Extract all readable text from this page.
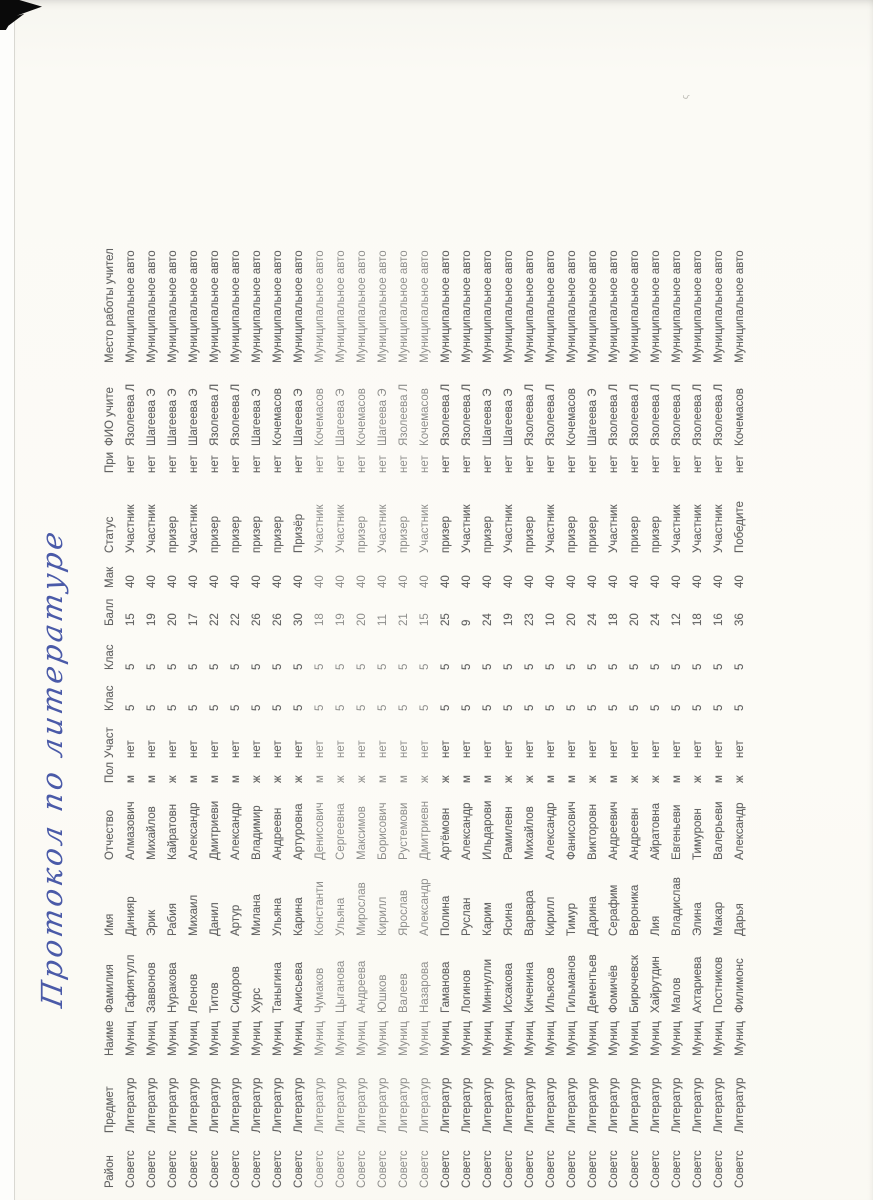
ς
Протокол по литературе
Район	Предмет	Наиме	Фамилия	Имя	Отчество	Пол	Участ	Клас	Клас	Балл	Мак	Статус	При	ФИО учите	Место работы учител
Советс	Литератур	Муниц	Гафиятулл	Динияр	Алмазович	м	нет	5	5	15	40	Участник	нет	Язолеева Л	Муниципальное авто
Советс	Литератур	Муниц	Заввонов	Эрик	Михайлов	м	нет	5	5	19	40	Участник	нет	Шагеева Э	Муниципальное авто
Советс	Литератур	Муниц	Нуракова	Рабия	Кайратовн	ж	нет	5	5	20	40	призер	нет	Шагеева Э	Муниципальное авто
Советс	Литератур	Муниц	Леонов	Михаил	Александр	м	нет	5	5	17	40	Участник	нет	Шагеева Э	Муниципальное авто
Советс	Литератур	Муниц	Титов	Данил	Дмитриеви	м	нет	5	5	22	40	призер	нет	Язолеева Л	Муниципальное авто
Советс	Литератур	Муниц	Сидоров	Артур	Александр	м	нет	5	5	22	40	призер	нет	Язолеева Л	Муниципальное авто
Советс	Литератур	Муниц	Хурс	Милана	Владимир	ж	нет	5	5	26	40	призер	нет	Шагеева Э	Муниципальное авто
Советс	Литератур	Муниц	Таныгина	Ульяна	Андреевн	ж	нет	5	5	26	40	призер	нет	Кочемасов	Муниципальное авто
Советс	Литератур	Муниц	Анисьева	Карина	Артуровна	ж	нет	5	5	30	40	Призёр	нет	Шагеева Э	Муниципальное авто
Советс	Литератур	Муниц	Чумаков	Константи	Денисович	м	нет	5	5	18	40	Участник	нет	Кочемасов	Муниципальное авто
Советс	Литератур	Муниц	Цыганова	Ульяна	Сергеевна	ж	нет	5	5	19	40	Участник	нет	Шагеева Э	Муниципальное авто
Советс	Литератур	Муниц	Андреева	Мирослав	Максимов	ж	нет	5	5	20	40	призер	нет	Кочемасов	Муниципальное авто
Советс	Литератур	Муниц	Юшков	Кирилл	Борисович	м	нет	5	5	11	40	Участник	нет	Шагеева Э	Муниципальное авто
Советс	Литератур	Муниц	Валеев	Ярослав	Рустемови	м	нет	5	5	21	40	призер	нет	Язолеева Л	Муниципальное авто
Советс	Литератур	Муниц	Назарова	Александр	Дмитриевн	ж	нет	5	5	15	40	Участник	нет	Кочемасов	Муниципальное авто
Советс	Литератур	Муниц	Гаманова	Полина	Артёмовн	ж	нет	5	5	25	40	призер	нет	Язолеева Л	Муниципальное авто
Советс	Литератур	Муниц	Логинов	Руслан	Александр	м	нет	5	5	9	40	Участник	нет	Язолеева Л	Муниципальное авто
Советс	Литератур	Муниц	Миннулли	Карим	Ильдарови	м	нет	5	5	24	40	призер	нет	Шагеева Э	Муниципальное авто
Советс	Литератур	Муниц	Исхакова	Ясина	Рамилевн	ж	нет	5	5	19	40	Участник	нет	Шагеева Э	Муниципальное авто
Советс	Литератур	Муниц	Киченина	Варвара	Михайлов	ж	нет	5	5	23	40	призер	нет	Язолеева Л	Муниципальное авто
Советс	Литератур	Муниц	Ильясов	Кирилл	Александр	м	нет	5	5	10	40	Участник	нет	Язолеева Л	Муниципальное авто
Советс	Литератур	Муниц	Гильманов	Тимур	Фанисович	м	нет	5	5	20	40	призер	нет	Кочемасов	Муниципальное авто
Советс	Литератур	Муниц	Дементьев	Дарина	Викторовн	ж	нет	5	5	24	40	призер	нет	Шагеева Э	Муниципальное авто
Советс	Литератур	Муниц	Фомичёв	Серафим	Андреевич	м	нет	5	5	18	40	Участник	нет	Язолеева Л	Муниципальное авто
Советс	Литератур	Муниц	Бирючевск	Вероника	Андреевн	ж	нет	5	5	20	40	призер	нет	Язолеева Л	Муниципальное авто
Советс	Литератур	Муниц	Хайрутдин	Лия	Айратовна	ж	нет	5	5	24	40	призер	нет	Язолеева Л	Муниципальное авто
Советс	Литератур	Муниц	Малов	Владислав	Евгеньеви	м	нет	5	5	12	40	Участник	нет	Язолеева Л	Муниципальное авто
Советс	Литератур	Муниц	Ахтариева	Элина	Тимуровн	ж	нет	5	5	18	40	Участник	нет	Язолеева Л	Муниципальное авто
Советс	Литератур	Муниц	Постников	Макар	Валерьеви	м	нет	5	5	16	40	Участник	нет	Язолеева Л	Муниципальное авто
Советс	Литератур	Муниц	Филимонс	Дарья	Александр	ж	нет	5	5	36	40	Победите	нет	Кочемасов	Муниципальное авто
